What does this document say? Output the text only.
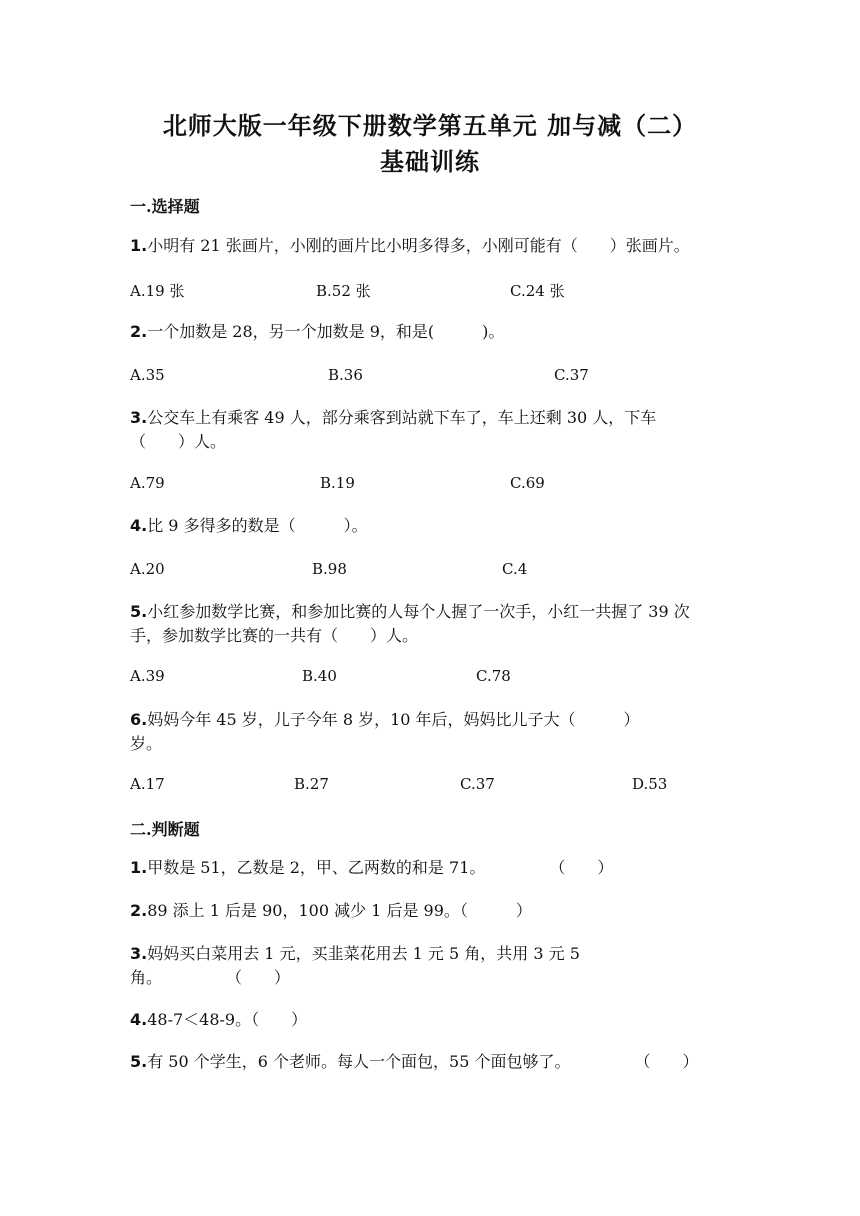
北师大版一年级下册数学第五单元 加与减（二）
基础训练
一.选择题
1.小明有 21 张画片，小刚的画片比小明多得多，小刚可能有（　　）张画片。
A.19 张	B.52 张	C.24 张
2.一个加数是 28，另一个加数是 9，和是(　　　)。
A.35	B.36	C.37
3.公交车上有乘客 49 人，部分乘客到站就下车了，车上还剩 30 人，下车
（　　）人。
A.79	B.19	C.69
4.比 9 多得多的数是（　　　）。
A.20	B.98	C.4
5.小红参加数学比赛，和参加比赛的人每个人握了一次手，小红一共握了 39 次
手，参加数学比赛的一共有（　　）人。
A.39	B.40	C.78
6.妈妈今年 45 岁，儿子今年 8 岁，10 年后，妈妈比儿子大（　　　）
岁。
A.17	B.27	C.37	D.53
二.判断题
1.甲数是 51，乙数是 2，甲、乙两数的和是 71。　　　　　（　　）
2.89 添上 1 后是 90，100 减少 1 后是 99。（　　　）
3.妈妈买白菜用去 1 元，买韭菜花用去 1 元 5 角，共用 3 元 5
角。　　　　　（　　）
4.48-7＜48-9。（　　）
5.有 50 个学生，6 个老师。每人一个面包，55 个面包够了。　　　　　（　　）
